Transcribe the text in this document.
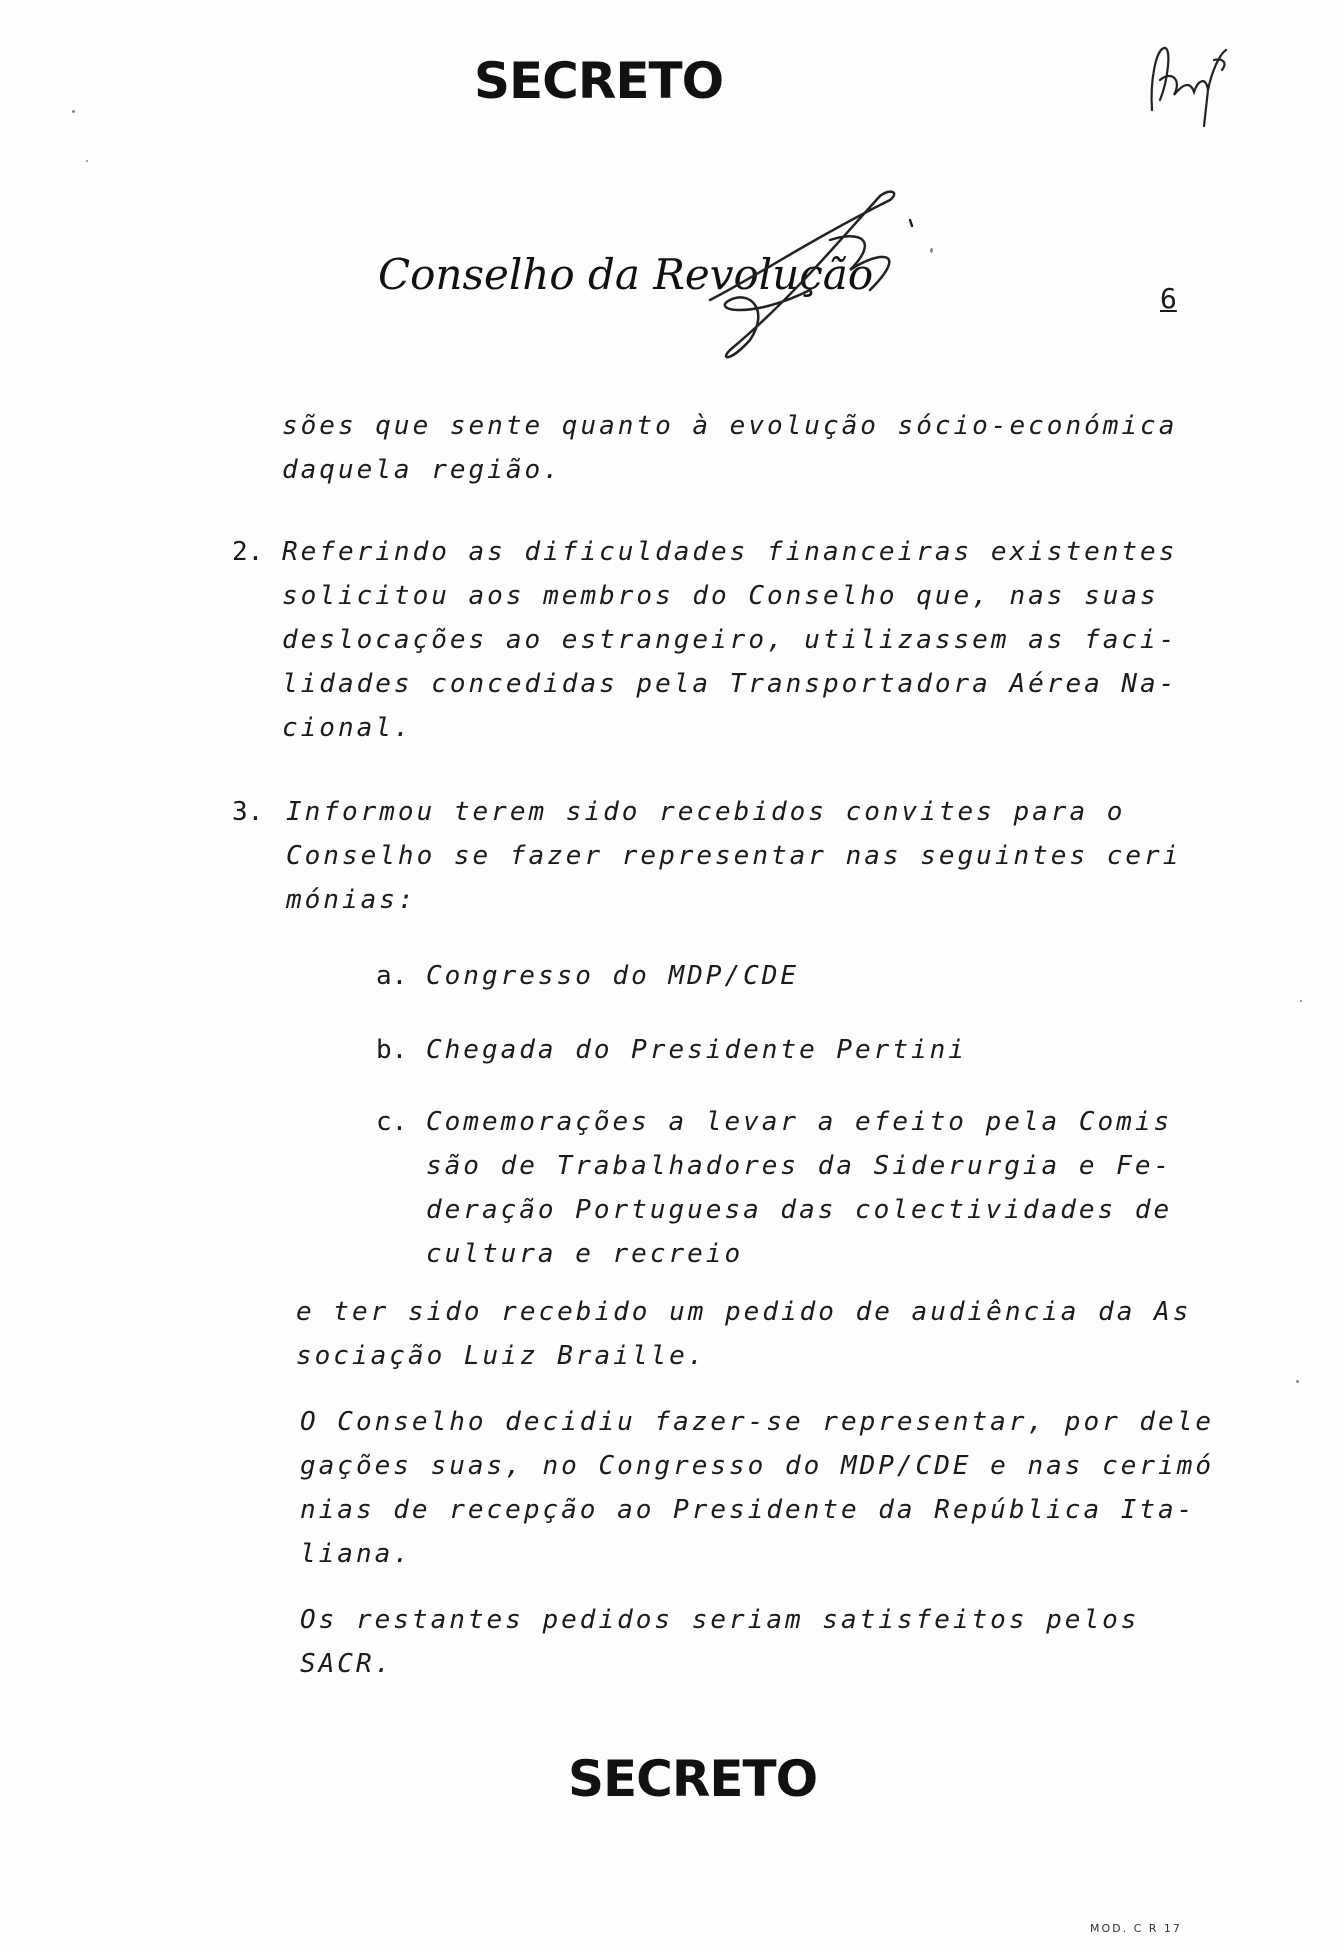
SECRETO
Conselho da Revolução	6

sões que sente quanto à evolução sócio-económica

daquela região.

2. Referindo as dificuldades financeiras existentes

solicitou aos membros do Conselho que, nas suas

deslocações ao estrangeiro, utilizassem as faci-

lidades concedidas pela Transportadora Aérea Na-

cional.

3. Informou terem sido recebidos convites para o

Conselho se fazer representar nas seguintes ceri

mónias:

a. Congresso do MDP/CDE

b. Chegada do Presidente Pertini

c. Comemorações a levar a efeito pela Comis

são de Trabalhadores da Siderurgia e Fe-

deração Portuguesa das colectividades de

cultura e recreio

e ter sido recebido um pedido de audiência da As

sociação Luiz Braille.

O Conselho decidiu fazer-se representar, por dele

gações suas, no Congresso do MDP/CDE e nas cerimó

nias de recepção ao Presidente da República Ita-

liana.

Os restantes pedidos seriam satisfeitos pelos

SACR.

SECRETO
MOD. C R 17
